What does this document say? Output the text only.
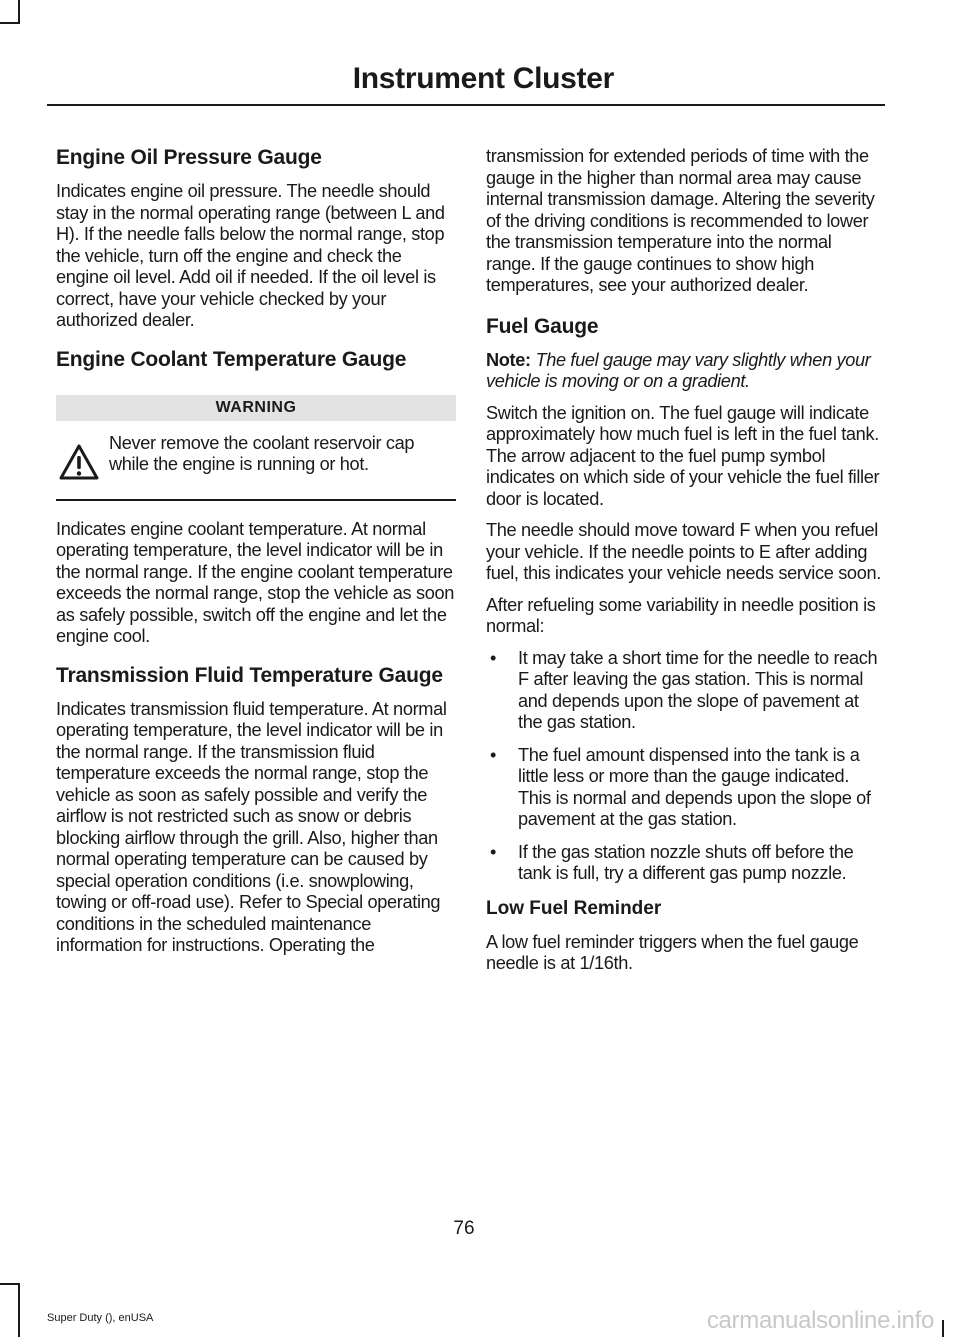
Instrument Cluster
Engine Oil Pressure Gauge

Indicates engine oil pressure. The needle should stay in the normal operating range (between L and H). If the needle falls below the normal range, stop the vehicle, turn off the engine and check the engine oil level. Add oil if needed. If the oil level is correct, have your vehicle checked by your authorized dealer.

Engine Coolant Temperature Gauge
WARNING

Never remove the coolant reservoir cap while the engine is running or hot.

Indicates engine coolant temperature. At normal operating temperature, the level indicator will be in the normal range. If the engine coolant temperature exceeds the normal range, stop the vehicle as soon as safely possible, switch off the engine and let the engine cool.

Transmission Fluid Temperature Gauge

Indicates transmission fluid temperature. At normal operating temperature, the level indicator will be in the normal range. If the transmission fluid temperature exceeds the normal range, stop the vehicle as soon as safely possible and verify the airflow is not restricted such as snow or debris blocking airflow through the grill. Also, higher than normal operating temperature can be caused by special operation conditions (i.e. snowplowing, towing or off-road use). Refer to Special operating conditions in the scheduled maintenance information for instructions. Operating the

transmission for extended periods of time with the gauge in the higher than normal area may cause internal transmission damage. Altering the severity of the driving conditions is recommended to lower the transmission temperature into the normal range. If the gauge continues to show high temperatures, see your authorized dealer.

Fuel Gauge

Note: The fuel gauge may vary slightly when your vehicle is moving or on a gradient.

Switch the ignition on. The fuel gauge will indicate approximately how much fuel is left in the fuel tank. The arrow adjacent to the fuel pump symbol indicates on which side of your vehicle the fuel filler door is located.

The needle should move toward F when you refuel your vehicle. If the needle points to E after adding fuel, this indicates your vehicle needs service soon.

After refueling some variability in needle position is normal:

• It may take a short time for the needle to reach F after leaving the gas station. This is normal and depends upon the slope of pavement at the gas station.
• The fuel amount dispensed into the tank is a little less or more than the gauge indicated. This is normal and depends upon the slope of pavement at the gas station.
• If the gas station nozzle shuts off before the tank is full, try a different gas pump nozzle.
Low Fuel Reminder

A low fuel reminder triggers when the fuel gauge needle is at 1/16th.

76
Super Duty (), enUSA	carmanualsonline.info
